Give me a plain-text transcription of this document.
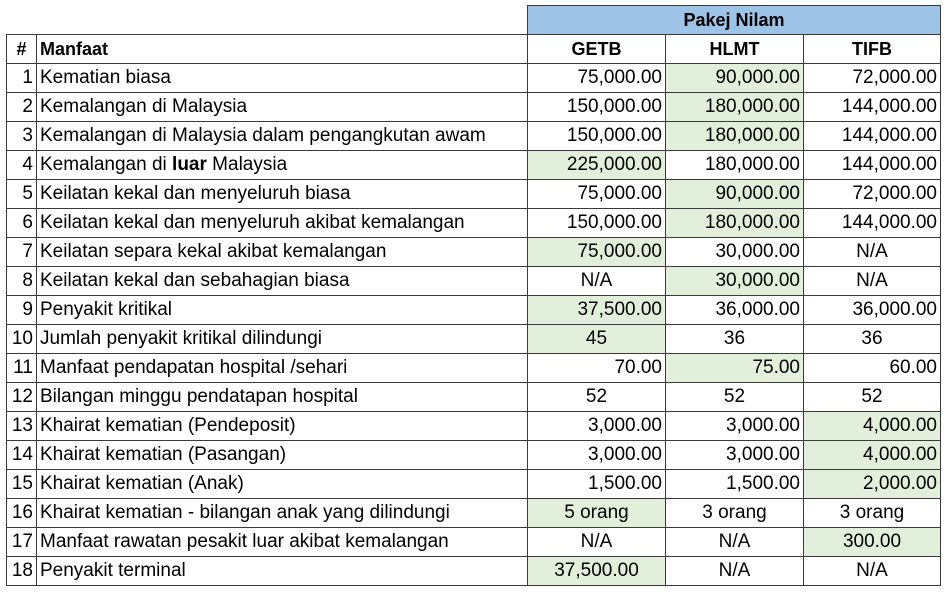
		Pakej Nilam		
#	Manfaat	GETB	HLMT	TIFB
1	Kematian biasa	75,000.00	90,000.00	72,000.00
2	Kemalangan di Malaysia	150,000.00	180,000.00	144,000.00
3	Kemalangan di Malaysia dalam pengangkutan awam	150,000.00	180,000.00	144,000.00
4	Kemalangan di luar Malaysia	225,000.00	180,000.00	144,000.00
5	Keilatan kekal dan menyeluruh biasa	75,000.00	90,000.00	72,000.00
6	Keilatan kekal dan menyeluruh akibat kemalangan	150,000.00	180,000.00	144,000.00
7	Keilatan separa kekal akibat kemalangan	75,000.00	30,000.00	N/A
8	Keilatan kekal dan sebahagian biasa	N/A	30,000.00	N/A
9	Penyakit kritikal	37,500.00	36,000.00	36,000.00
10	Jumlah penyakit kritikal dilindungi	45	36	36
11	Manfaat pendapatan hospital /sehari	70.00	75.00	60.00
12	Bilangan minggu pendatapan hospital	52	52	52
13	Khairat kematian (Pendeposit)	3,000.00	3,000.00	4,000.00
14	Khairat kematian (Pasangan)	3,000.00	3,000.00	4,000.00
15	Khairat kematian (Anak)	1,500.00	1,500.00	2,000.00
16	Khairat kematian - bilangan anak yang dilindungi	5 orang	3 orang	3 orang
17	Manfaat rawatan pesakit luar akibat kemalangan	N/A	N/A	300.00
18	Penyakit terminal	37,500.00	N/A	N/A
